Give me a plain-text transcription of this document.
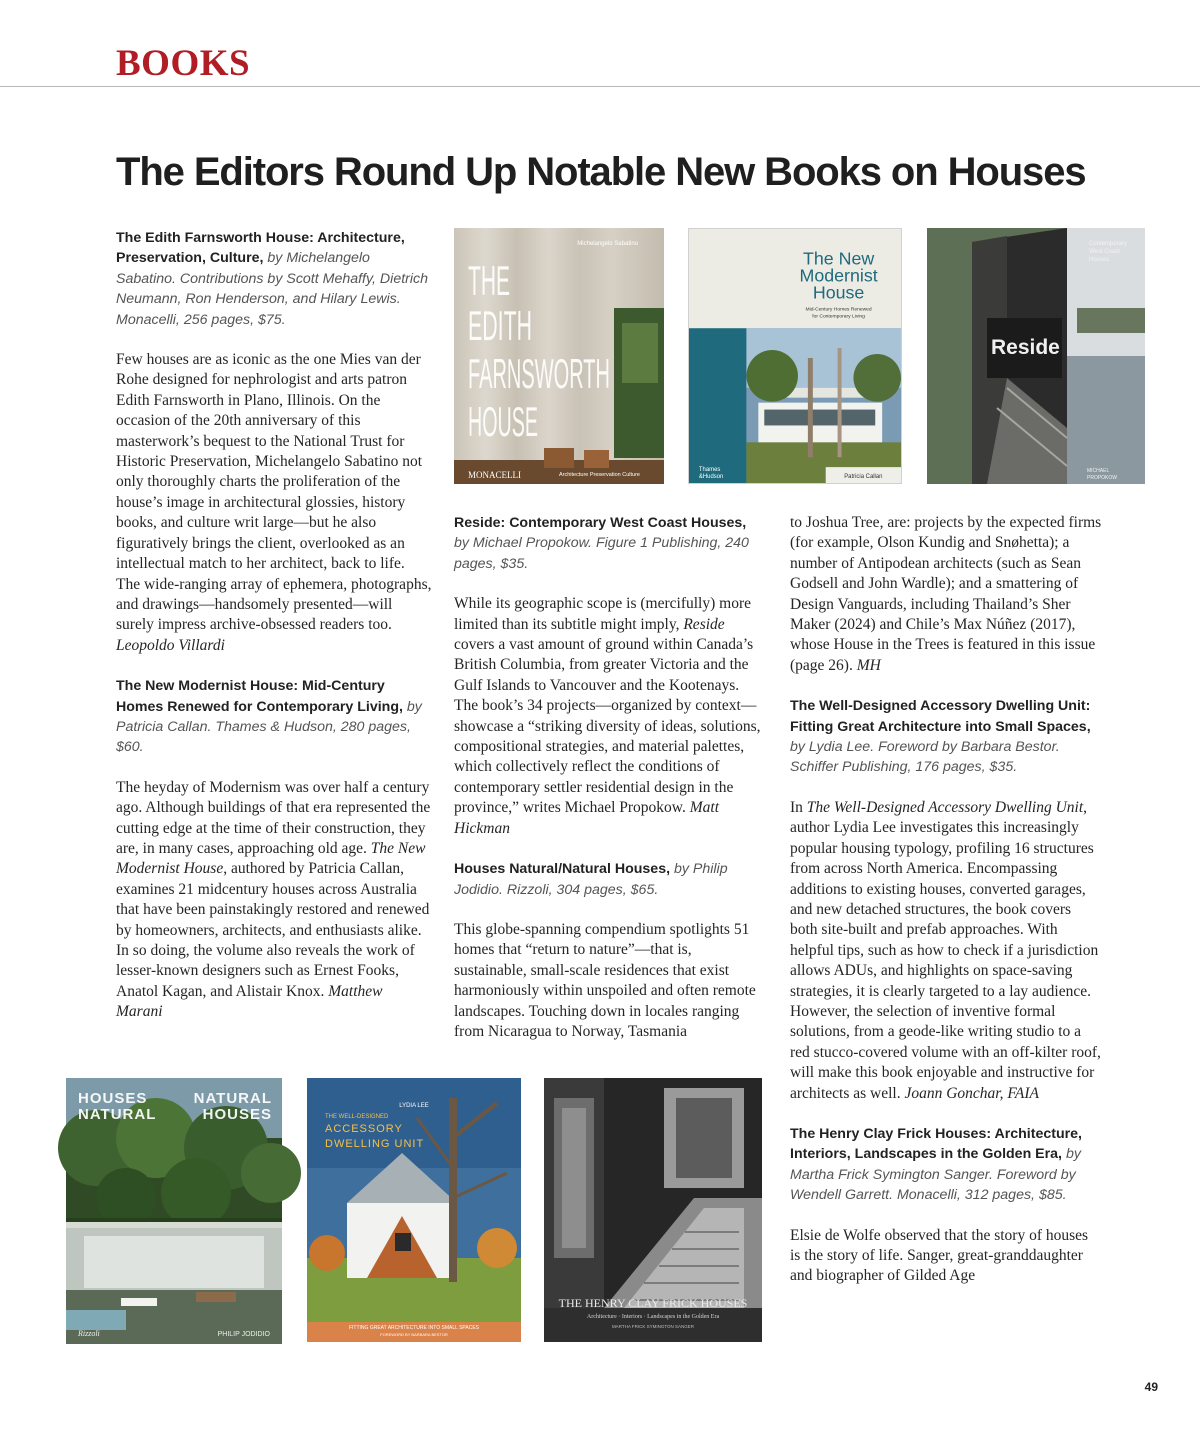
BOOKS
The Editors Round Up Notable New Books on Houses
The Edith Farnsworth House: Architecture, Preservation, Culture, by Michelangelo Sabatino. Contributions by Scott Mehaffy, Dietrich Neumann, Ron Henderson, and Hilary Lewis. Monacelli, 256 pages, $75.

Few houses are as iconic as the one Mies van der Rohe designed for nephrologist and arts patron Edith Farnsworth in Plano, Illinois. On the occasion of the 20th anniversary of this masterwork’s bequest to the National Trust for Historic Preservation, Michelangelo Sabatino not only thoroughly charts the proliferation of the house’s image in architectural glossies, history books, and culture writ large—but he also figuratively brings the client, overlooked as an intellectual match to her architect, back to life. The wide-ranging array of ephemera, photographs, and drawings—handsomely presented—will surely impress archive-obsessed readers too. Leopoldo Villardi

The New Modernist House: Mid-Century Homes Renewed for Contemporary Living, by Patricia Callan. Thames & Hudson, 280 pages, $60.

The heyday of Modernism was over half a century ago. Although buildings of that era represented the cutting edge at the time of their construction, they are, in many cases, approaching old age. The New Modernist House, authored by Patricia Callan, examines 21 midcentury houses across Australia that have been painstakingly restored and renewed by homeowners, architects, and enthusiasts alike. In so doing, the volume also reveals the work of lesser-known designers such as Ernest Fooks, Anatol Kagan, and Alistair Knox. Matthew Marani

Reside: Contemporary West Coast Houses, by Michael Propokow. Figure 1 Publishing, 240 pages, $35.

While its geographic scope is (mercifully) more limited than its subtitle might imply, Reside covers a vast amount of ground within Canada’s British Columbia, from greater Victoria and the Gulf Islands to Vancouver and the Kootenays. The book’s 34 projects—organized by context—showcase a “striking diversity of ideas, solutions, compositional strategies, and material palettes, which collectively reflect the conditions of contemporary settler residential design in the province,” writes Michael Propokow. Matt Hickman

Houses Natural/Natural Houses, by Philip Jodidio. Rizzoli, 304 pages, $65.

This globe-spanning compendium spotlights 51 homes that “return to nature”—that is, sustainable, small-scale residences that exist harmoniously within unspoiled and often remote landscapes. Touching down in locales ranging from Nicaragua to Norway, Tasmania

to Joshua Tree, are: projects by the expected firms (for example, Olson Kundig and Snøhetta); a number of Antipodean architects (such as Sean Godsell and John Wardle); and a smattering of Design Vanguards, including Thailand’s Sher Maker (2024) and Chile’s Max Núñez (2017), whose House in the Trees is featured in this issue (page 26). MH

The Well-Designed Accessory Dwelling Unit: Fitting Great Architecture into Small Spaces, by Lydia Lee. Foreword by Barbara Bestor. Schiffer Publishing, 176 pages, $35.

In The Well-Designed Accessory Dwelling Unit, author Lydia Lee investigates this increasingly popular housing typology, profiling 16 structures from across North America. Encompassing additions to existing houses, converted garages, and new detached structures, the book covers both site-built and prefab approaches. With helpful tips, such as how to check if a jurisdiction allows ADUs, and highlights on space-saving strategies, it is clearly targeted to a lay audience. However, the selection of inventive formal solutions, from a geode-like writing studio to a red stucco-covered volume with an off-kilter roof, will make this book enjoyable and instructive for architects as well. Joann Gonchar, FAIA

The Henry Clay Frick Houses: Architecture, Interiors, Landscapes in the Golden Era, by Martha Frick Symington Sanger. Foreword by Wendell Garrett. Monacelli, 312 pages, $85.

Elsie de Wolfe observed that the story of houses is the story of life. Sanger, great-granddaughter and biographer of Gilded Age

Michelangelo Sabatino
THE
EDITH
FARNSWORTH
HOUSE
MONACELLI	Architecture Preservation Culture
The New
Modernist
House
Mid-Century Homes Renewed
for Contemporary Living
Thames
&Hudson	Patricia Callan
Contemporary
West Coast
Houses
Reside
MICHAEL
PROPOKOW
HOUSES
NATURAL
NATURAL
HOUSES
Rizzoli	PHILIP JODIDIO
LYDIA LEE
THE WELL-DESIGNED
ACCESSORY
DWELLING UNIT
FITTING GREAT ARCHITECTURE INTO SMALL SPACES
FOREWORD BY BARBARA BESTOR
THE HENRY CLAY FRICK HOUSES
Architecture · Interiors · Landscapes in the Golden Era
MARTHA FRICK SYMINGTON SANGER
49
